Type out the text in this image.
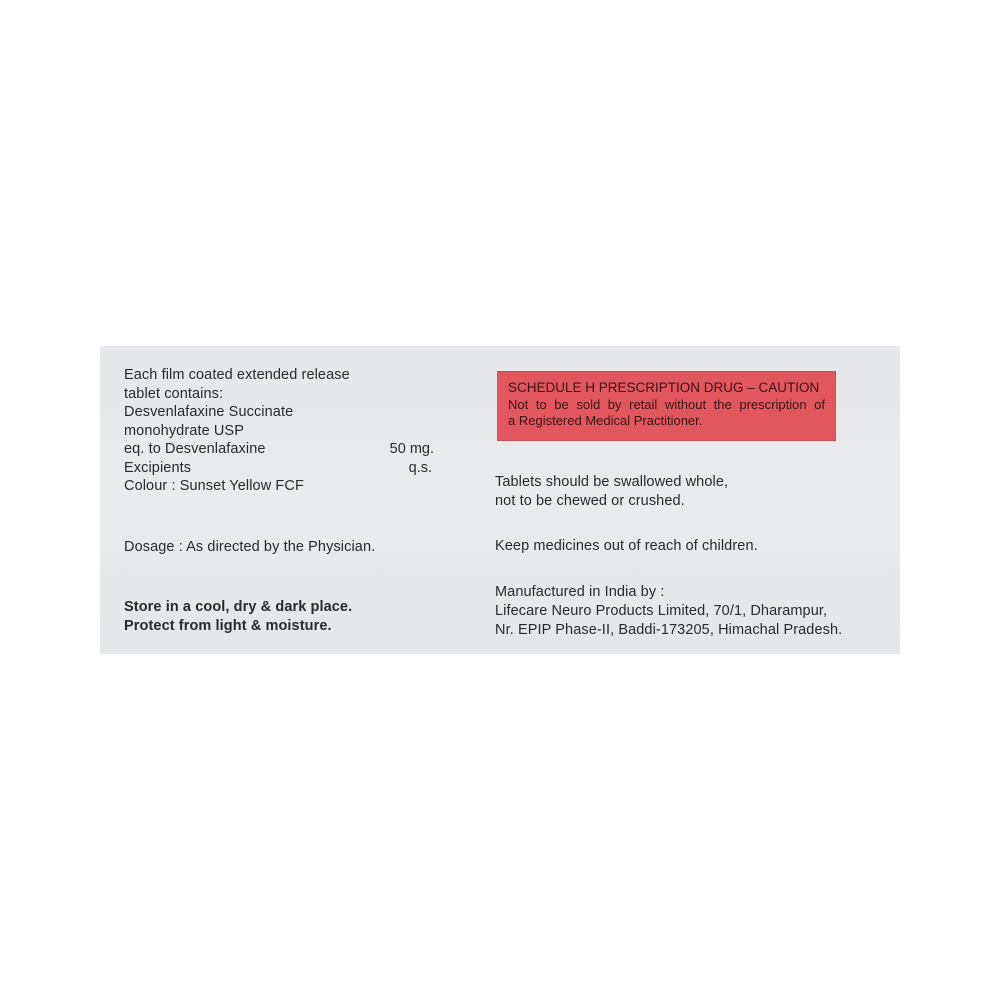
Each film coated extended release
tablet contains:
Desvenlafaxine Succinate
monohydrate USP
eq. to Desvenlafaxine	50 mg.
Excipients	q.s.
Colour : Sunset Yellow FCF
Dosage : As directed by the Physician.
Store in a cool, dry & dark place.
Protect from light & moisture.
SCHEDULE H PRESCRIPTION DRUG – CAUTION
Not to be sold by retail without the prescription of
a Registered Medical Practitioner.
Tablets should be swallowed whole,
not to be chewed or crushed.
Keep medicines out of reach of children.
Manufactured in India by :
Lifecare Neuro Products Limited, 70/1, Dharampur,
Nr. EPIP Phase-II, Baddi-173205, Himachal Pradesh.
